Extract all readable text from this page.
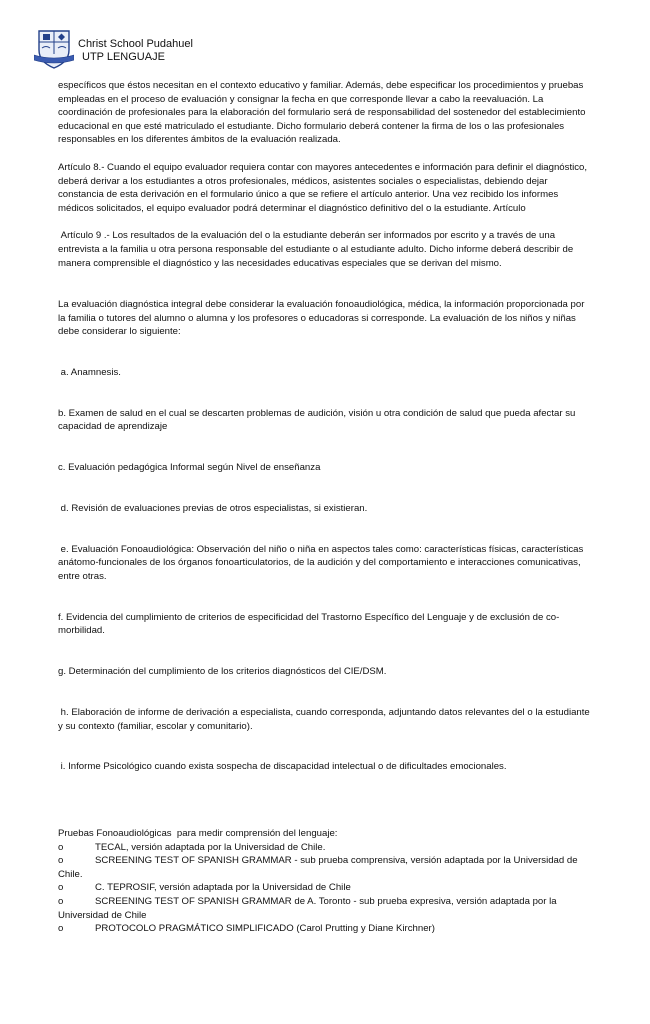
Christ School Pudahuel
UTP LENGUAJE

específicos que éstos necesitan en el contexto educativo y familiar. Además, debe especificar los procedimientos y pruebas empleadas en el proceso de evaluación y consignar la fecha en que corresponde llevar a cabo la reevaluación. La coordinación de profesionales para la elaboración del formulario será de responsabilidad del sostenedor del establecimiento educacional en que esté matriculado el estudiante. Dicho formulario deberá contener la firma de los o las profesionales responsables en los diferentes ámbitos de la evaluación realizada.

Artículo 8.- Cuando el equipo evaluador requiera contar con mayores antecedentes e información para definir el diagnóstico, deberá derivar a los estudiantes a otros profesionales, médicos, asistentes sociales o especialistas, debiendo dejar constancia de esta derivación en el formulario único a que se refiere el artículo anterior. Una vez recibido los informes médicos solicitados, el equipo evaluador podrá determinar el diagnóstico definitivo del o la estudiante. Artículo

Artículo 9 .- Los resultados de la evaluación del o la estudiante deberán ser informados por escrito y a través de una entrevista a la familia u otra persona responsable del estudiante o al estudiante adulto. Dicho informe deberá describir de manera comprensible el diagnóstico y las necesidades educativas especiales que se derivan del mismo.

La evaluación diagnóstica integral debe considerar la evaluación fonoaudiológica, médica, la información proporcionada por la familia o tutores del alumno o alumna y los profesores o educadoras si corresponde. La evaluación de los niños y niñas debe considerar lo siguiente:

a. Anamnesis.

b. Examen de salud en el cual se descarten problemas de audición, visión u otra condición de salud que pueda afectar su capacidad de aprendizaje

c. Evaluación pedagógica Informal según Nivel de enseñanza

d. Revisión de evaluaciones previas de otros especialistas, si existieran.

e. Evaluación Fonoaudiológica: Observación del niño o niña en aspectos tales como: características físicas, características anátomo-funcionales de los órganos fonoarticulatorios, de la audición y del comportamiento e interacciones comunicativas, entre otras.

f. Evidencia del cumplimiento de criterios de especificidad del Trastorno Específico del Lenguaje y de exclusión de co-morbilidad.

g. Determinación del cumplimiento de los criterios diagnósticos del CIE/DSM.

h. Elaboración de informe de derivación a especialista, cuando corresponda, adjuntando datos relevantes del o la estudiante y su contexto (familiar, escolar y comunitario).

i. Informe Psicológico cuando exista sospecha de discapacidad intelectual o de dificultades emocionales.

Pruebas Fonoaudiológicas  para medir comprensión del lenguaje:

o	TECAL, versión adaptada por la Universidad de Chile.
o	SCREENING TEST OF SPANISH GRAMMAR - sub prueba comprensiva, versión adaptada por la Universidad de Chile.
o	C. TEPROSIF, versión adaptada por la Universidad de Chile
o	SCREENING TEST OF SPANISH GRAMMAR de A. Toronto - sub prueba expresiva, versión adaptada por la Universidad de Chile
o	PROTOCOLO PRAGMÁTICO SIMPLIFICADO (Carol Prutting y Diane Kirchner)
